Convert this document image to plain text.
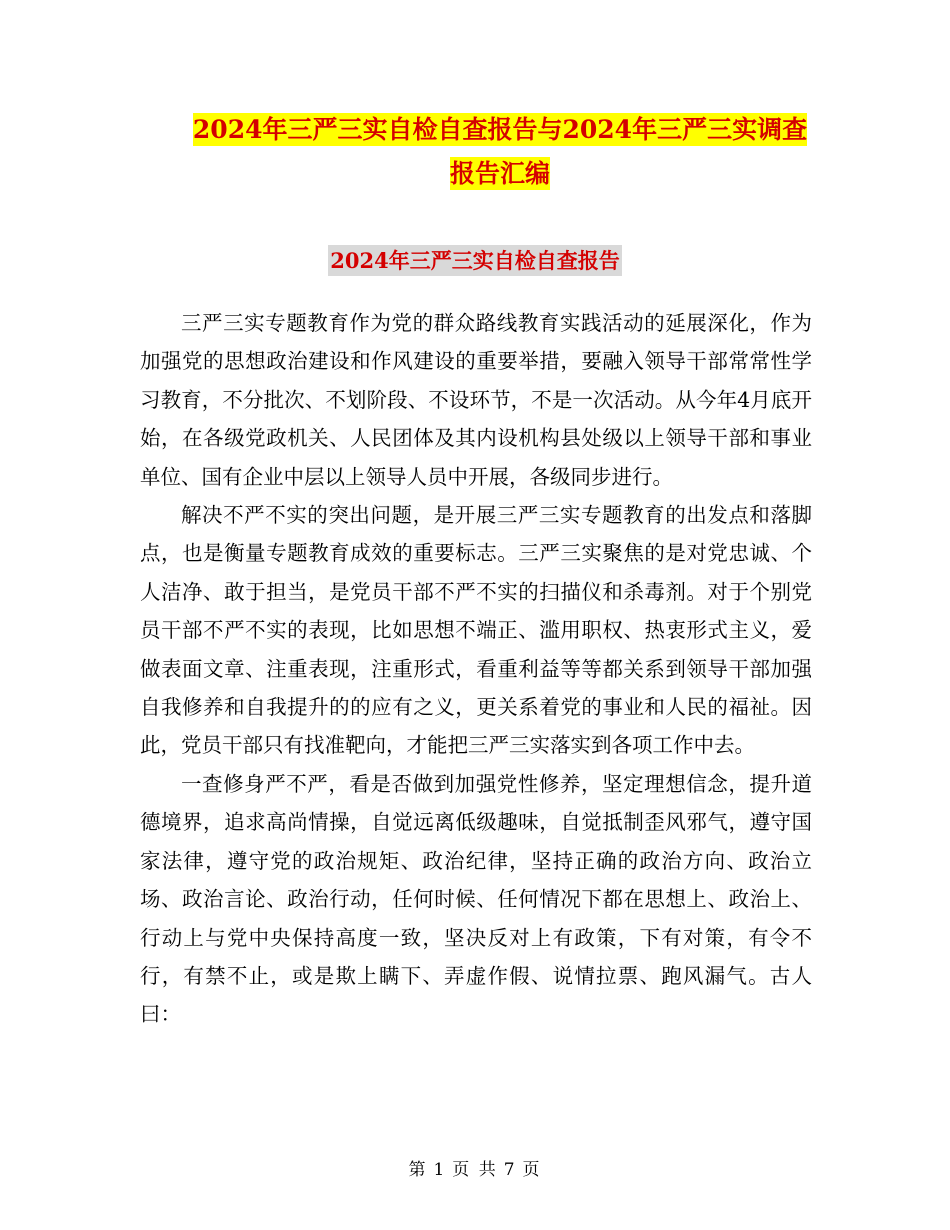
2024年三严三实自检自查报告与2024年三严三实调查
报告汇编
2024年三严三实自检自查报告

三严三实专题教育作为党的群众路线教育实践活动的延展深化，作为加强党的思想政治建设和作风建设的重要举措，要融入领导干部常常性学习教育，不分批次、不划阶段、不设环节，不是一次活动。从今年4月底开始，在各级党政机关、人民团体及其内设机构县处级以上领导干部和事业单位、国有企业中层以上领导人员中开展，各级同步进行。

解决不严不实的突出问题，是开展三严三实专题教育的出发点和落脚点，也是衡量专题教育成效的重要标志。三严三实聚焦的是对党忠诚、个人洁净、敢于担当，是党员干部不严不实的扫描仪和杀毒剂。对于个别党员干部不严不实的表现，比如思想不端正、滥用职权、热衷形式主义，爱做表面文章、注重表现，注重形式，看重利益等等都关系到领导干部加强自我修养和自我提升的的应有之义，更关系着党的事业和人民的福祉。因此，党员干部只有找准靶向，才能把三严三实落实到各项工作中去。

一查修身严不严，看是否做到加强党性修养，坚定理想信念，提升道德境界，追求高尚情操，自觉远离低级趣味，自觉抵制歪风邪气，遵守国家法律，遵守党的政治规矩、政治纪律，坚持正确的政治方向、政治立场、政治言论、政治行动，任何时候、任何情况下都在思想上、政治上、行动上与党中央保持高度一致，坚决反对上有政策，下有对策，有令不行，有禁不止，或是欺上瞒下、弄虚作假、说情拉票、跑风漏气。古人曰：

第 1 页 共 7 页
